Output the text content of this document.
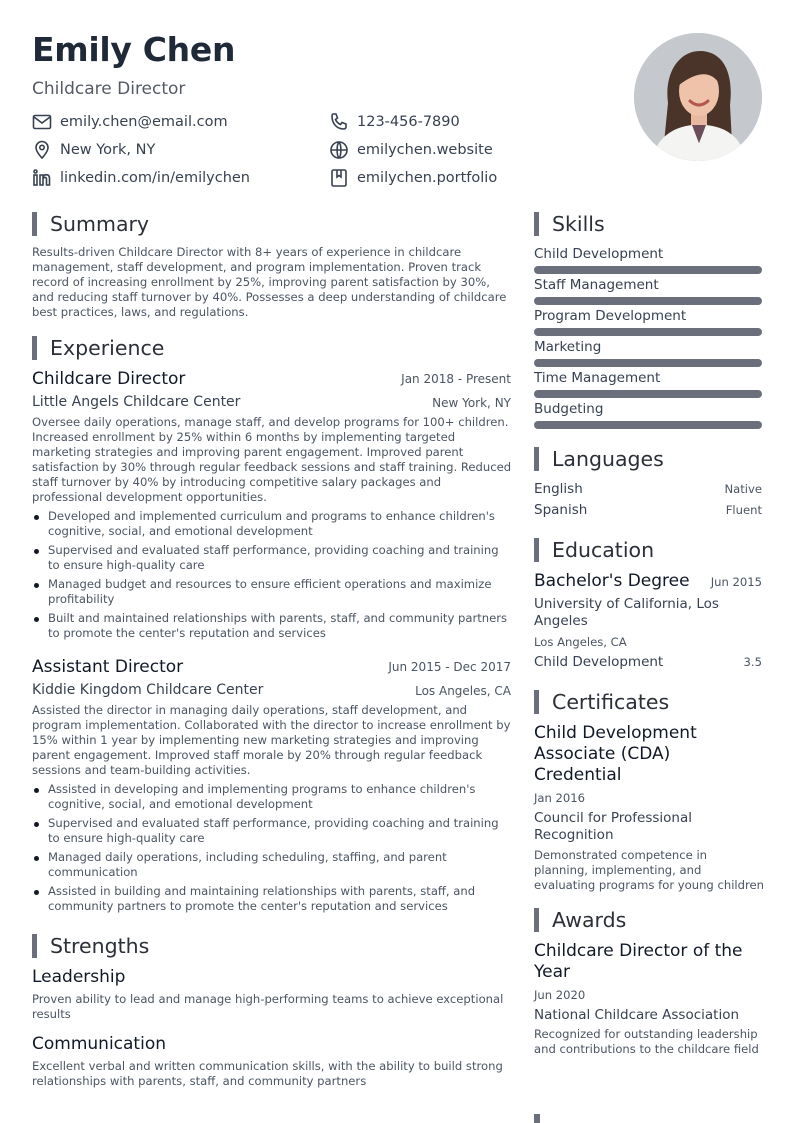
Emily Chen
Childcare Director
emily.chen@email.com	123-456-7890
New York, NY	emilychen.website
linkedin.com/in/emilychen	emilychen.portfolio
Summary
Results-driven Childcare Director with 8+ years of experience in childcare management, staff development, and program implementation. Proven track record of increasing enrollment by 25%, improving parent satisfaction by 30%, and reducing staff turnover by 40%. Possesses a deep understanding of childcare best practices, laws, and regulations.
Experience
Childcare Director	Jan 2018 - Present
Little Angels Childcare Center	New York, NY
Oversee daily operations, manage staff, and develop programs for 100+ children. Increased enrollment by 25% within 6 months by implementing targeted marketing strategies and improving parent engagement. Improved parent satisfaction by 30% through regular feedback sessions and staff training. Reduced staff turnover by 40% by introducing competitive salary packages and professional development opportunities.
Developed and implemented curriculum and programs to enhance children's cognitive, social, and emotional development
Supervised and evaluated staff performance, providing coaching and training to ensure high-quality care
Managed budget and resources to ensure efficient operations and maximize profitability
Built and maintained relationships with parents, staff, and community partners to promote the center's reputation and services
Assistant Director	Jun 2015 - Dec 2017
Kiddie Kingdom Childcare Center	Los Angeles, CA
Assisted the director in managing daily operations, staff development, and program implementation. Collaborated with the director to increase enrollment by 15% within 1 year by implementing new marketing strategies and improving parent engagement. Improved staff morale by 20% through regular feedback sessions and team-building activities.
Assisted in developing and implementing programs to enhance children's cognitive, social, and emotional development
Supervised and evaluated staff performance, providing coaching and training to ensure high-quality care
Managed daily operations, including scheduling, staffing, and parent communication
Assisted in building and maintaining relationships with parents, staff, and community partners to promote the center's reputation and services
Strengths
Leadership
Proven ability to lead and manage high-performing teams to achieve exceptional results
Communication
Excellent verbal and written communication skills, with the ability to build strong relationships with parents, staff, and community partners
Skills
Child Development
Staff Management
Program Development
Marketing
Time Management
Budgeting
Languages
English	Native
Spanish	Fluent
Education
Bachelor's Degree	Jun 2015
University of California, Los Angeles
Los Angeles, CA
Child Development	3.5
Certificates
Child Development Associate (CDA) Credential
Jan 2016
Council for Professional Recognition
Demonstrated competence in planning, implementing, and evaluating programs for young children
Awards
Childcare Director of the Year
Jun 2020
National Childcare Association
Recognized for outstanding leadership and contributions to the childcare field
